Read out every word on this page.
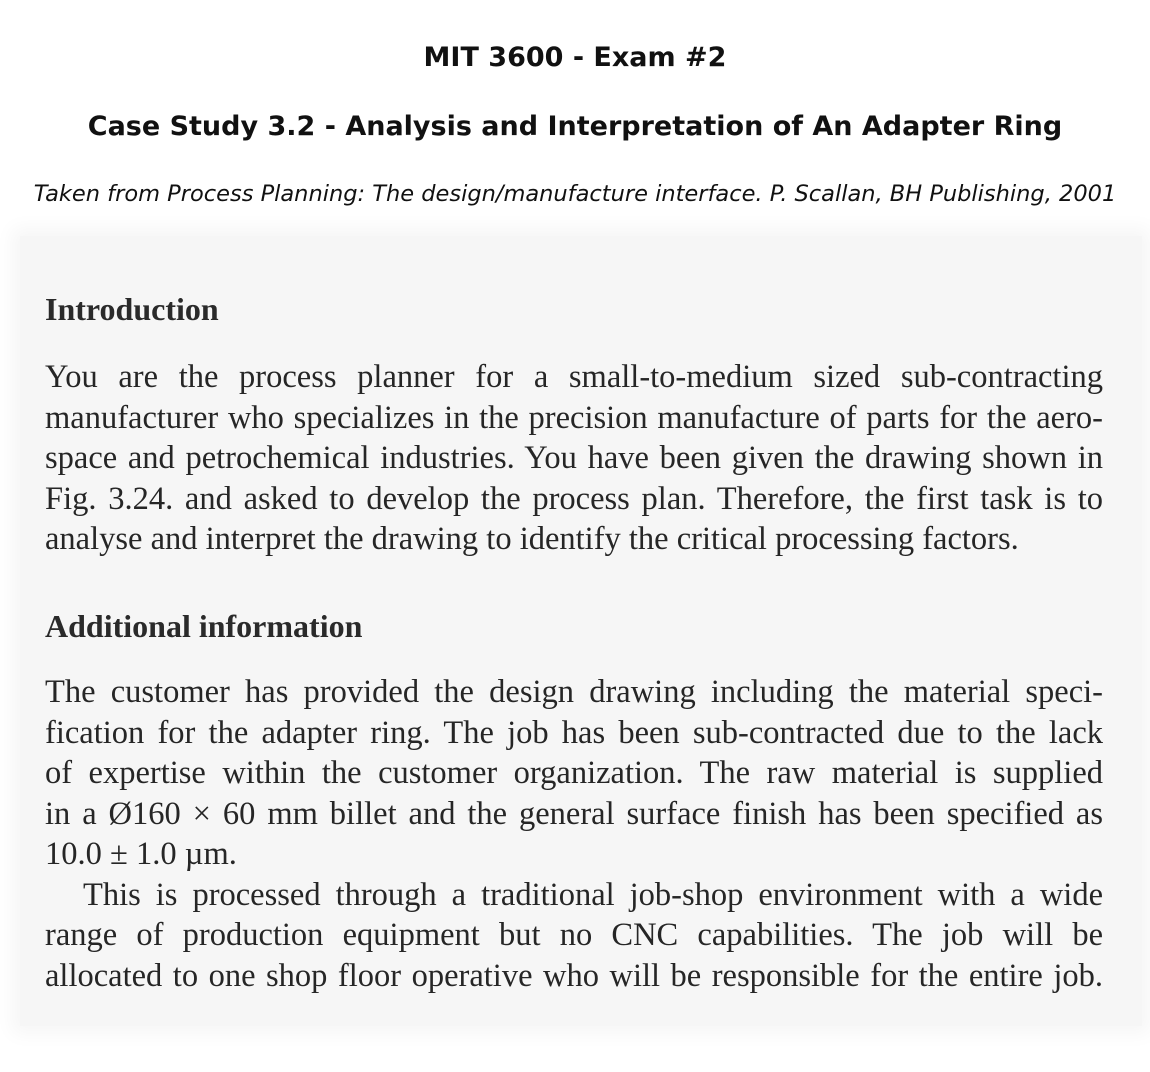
MIT 3600 - Exam #2
Case Study 3.2 - Analysis and Interpretation of An Adapter Ring
Taken from Process Planning: The design/manufacture interface. P. Scallan, BH Publishing, 2001
Introduction
You are the process planner for a small-to-medium sized sub-contracting
manufacturer who specializes in the precision manufacture of parts for the aero-
space and petrochemical industries. You have been given the drawing shown in
Fig. 3.24. and asked to develop the process plan. Therefore, the first task is to
analyse and interpret the drawing to identify the critical processing factors.
Additional information
The customer has provided the design drawing including the material speci-
fication for the adapter ring. The job has been sub-contracted due to the lack
of expertise within the customer organization. The raw material is supplied
in a Ø160 × 60 mm billet and the general surface finish has been specified as
10.0 ± 1.0 µm.
This is processed through a traditional job-shop environment with a wide
range of production equipment but no CNC capabilities. The job will be
allocated to one shop floor operative who will be responsible for the entire job.
